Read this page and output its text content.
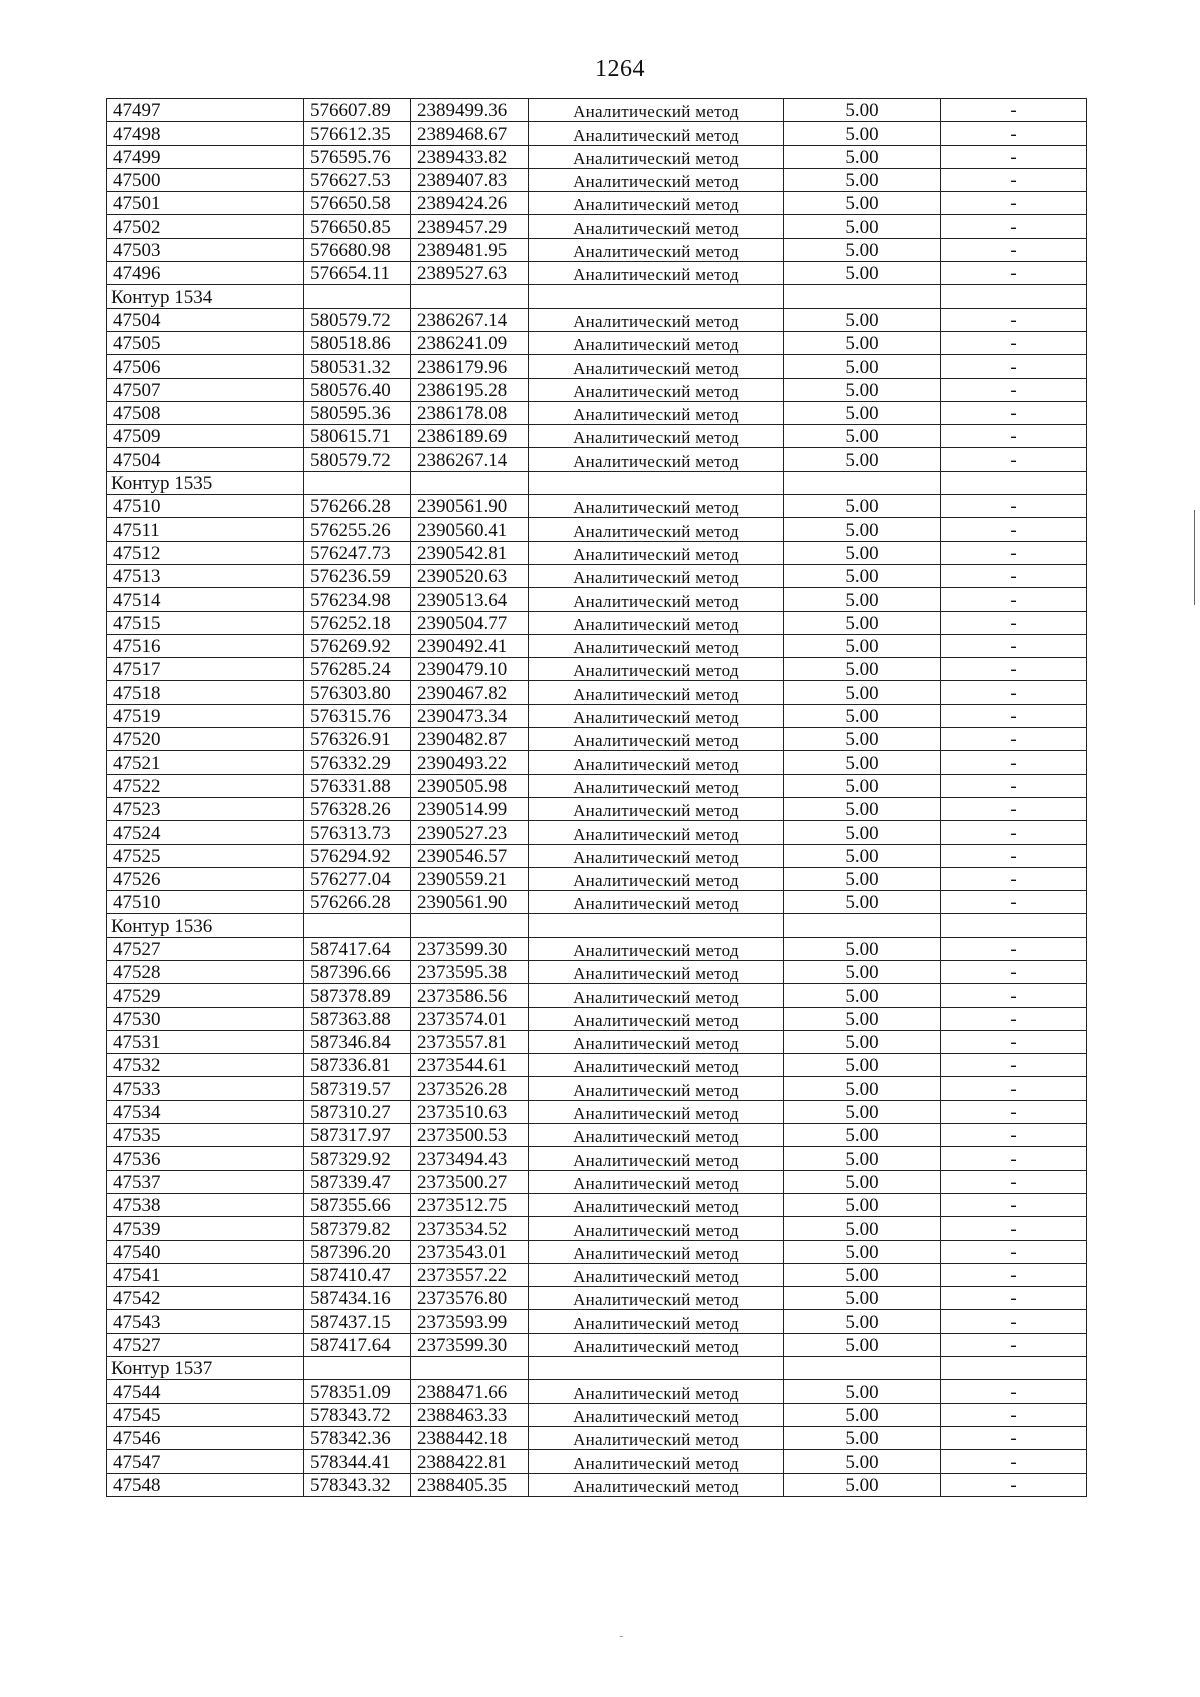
1264
47497	576607.89	2389499.36	Аналитический метод	5.00	-
47498	576612.35	2389468.67	Аналитический метод	5.00	-
47499	576595.76	2389433.82	Аналитический метод	5.00	-
47500	576627.53	2389407.83	Аналитический метод	5.00	-
47501	576650.58	2389424.26	Аналитический метод	5.00	-
47502	576650.85	2389457.29	Аналитический метод	5.00	-
47503	576680.98	2389481.95	Аналитический метод	5.00	-
47496	576654.11	2389527.63	Аналитический метод	5.00	-
Контур 1534					
47504	580579.72	2386267.14	Аналитический метод	5.00	-
47505	580518.86	2386241.09	Аналитический метод	5.00	-
47506	580531.32	2386179.96	Аналитический метод	5.00	-
47507	580576.40	2386195.28	Аналитический метод	5.00	-
47508	580595.36	2386178.08	Аналитический метод	5.00	-
47509	580615.71	2386189.69	Аналитический метод	5.00	-
47504	580579.72	2386267.14	Аналитический метод	5.00	-
Контур 1535					
47510	576266.28	2390561.90	Аналитический метод	5.00	-
47511	576255.26	2390560.41	Аналитический метод	5.00	-
47512	576247.73	2390542.81	Аналитический метод	5.00	-
47513	576236.59	2390520.63	Аналитический метод	5.00	-
47514	576234.98	2390513.64	Аналитический метод	5.00	-
47515	576252.18	2390504.77	Аналитический метод	5.00	-
47516	576269.92	2390492.41	Аналитический метод	5.00	-
47517	576285.24	2390479.10	Аналитический метод	5.00	-
47518	576303.80	2390467.82	Аналитический метод	5.00	-
47519	576315.76	2390473.34	Аналитический метод	5.00	-
47520	576326.91	2390482.87	Аналитический метод	5.00	-
47521	576332.29	2390493.22	Аналитический метод	5.00	-
47522	576331.88	2390505.98	Аналитический метод	5.00	-
47523	576328.26	2390514.99	Аналитический метод	5.00	-
47524	576313.73	2390527.23	Аналитический метод	5.00	-
47525	576294.92	2390546.57	Аналитический метод	5.00	-
47526	576277.04	2390559.21	Аналитический метод	5.00	-
47510	576266.28	2390561.90	Аналитический метод	5.00	-
Контур 1536					
47527	587417.64	2373599.30	Аналитический метод	5.00	-
47528	587396.66	2373595.38	Аналитический метод	5.00	-
47529	587378.89	2373586.56	Аналитический метод	5.00	-
47530	587363.88	2373574.01	Аналитический метод	5.00	-
47531	587346.84	2373557.81	Аналитический метод	5.00	-
47532	587336.81	2373544.61	Аналитический метод	5.00	-
47533	587319.57	2373526.28	Аналитический метод	5.00	-
47534	587310.27	2373510.63	Аналитический метод	5.00	-
47535	587317.97	2373500.53	Аналитический метод	5.00	-
47536	587329.92	2373494.43	Аналитический метод	5.00	-
47537	587339.47	2373500.27	Аналитический метод	5.00	-
47538	587355.66	2373512.75	Аналитический метод	5.00	-
47539	587379.82	2373534.52	Аналитический метод	5.00	-
47540	587396.20	2373543.01	Аналитический метод	5.00	-
47541	587410.47	2373557.22	Аналитический метод	5.00	-
47542	587434.16	2373576.80	Аналитический метод	5.00	-
47543	587437.15	2373593.99	Аналитический метод	5.00	-
47527	587417.64	2373599.30	Аналитический метод	5.00	-
Контур 1537					
47544	578351.09	2388471.66	Аналитический метод	5.00	-
47545	578343.72	2388463.33	Аналитический метод	5.00	-
47546	578342.36	2388442.18	Аналитический метод	5.00	-
47547	578344.41	2388422.81	Аналитический метод	5.00	-
47548	578343.32	2388405.35	Аналитический метод	5.00	-
